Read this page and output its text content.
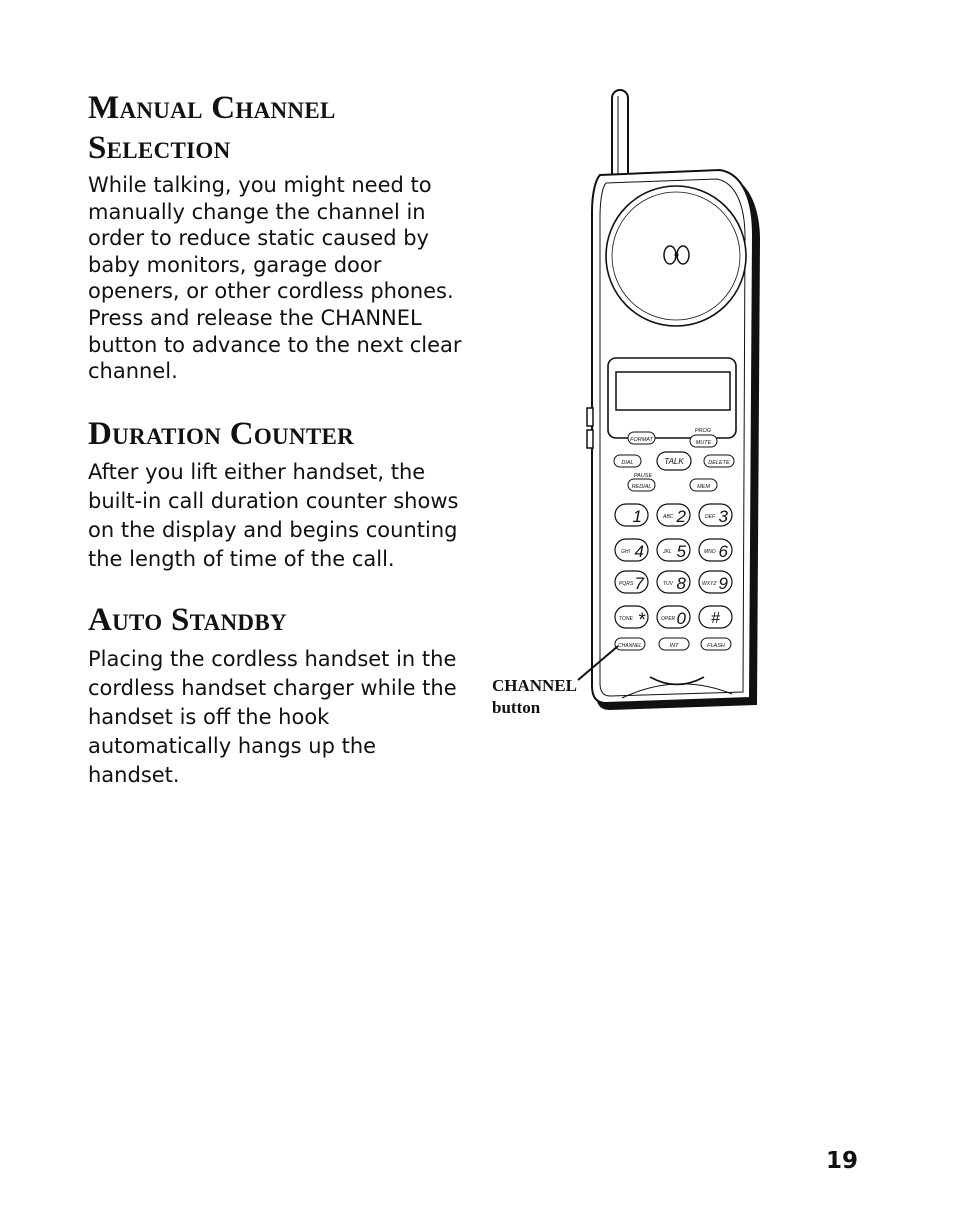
Manual Channel Selection

While talking, you might need to manually change the channel in order to reduce static caused by baby monitors, garage door openers, or other cordless phones. Press and release the CHANNEL button to advance to the next clear channel.

Duration Counter

After you lift either handset, the built-in call duration counter shows on the display and begins counting the length of time of the call.

Auto Standby

Placing the cordless handset in the cordless handset charger while the handset is off the hook automatically hangs up the handset.

FORMAT
PROG
MUTE
DIAL	TALK	DELETE
PAUSE
REDIAL	MEM
1	ABC 2	DEF 3
GHI 4	JKL 5	MNO 6
PQRS 7	TUV 8	WXYZ 9
TONE *	OPER 0 #
CHANNEL	INT	FLASH

CHANNEL
button

19
